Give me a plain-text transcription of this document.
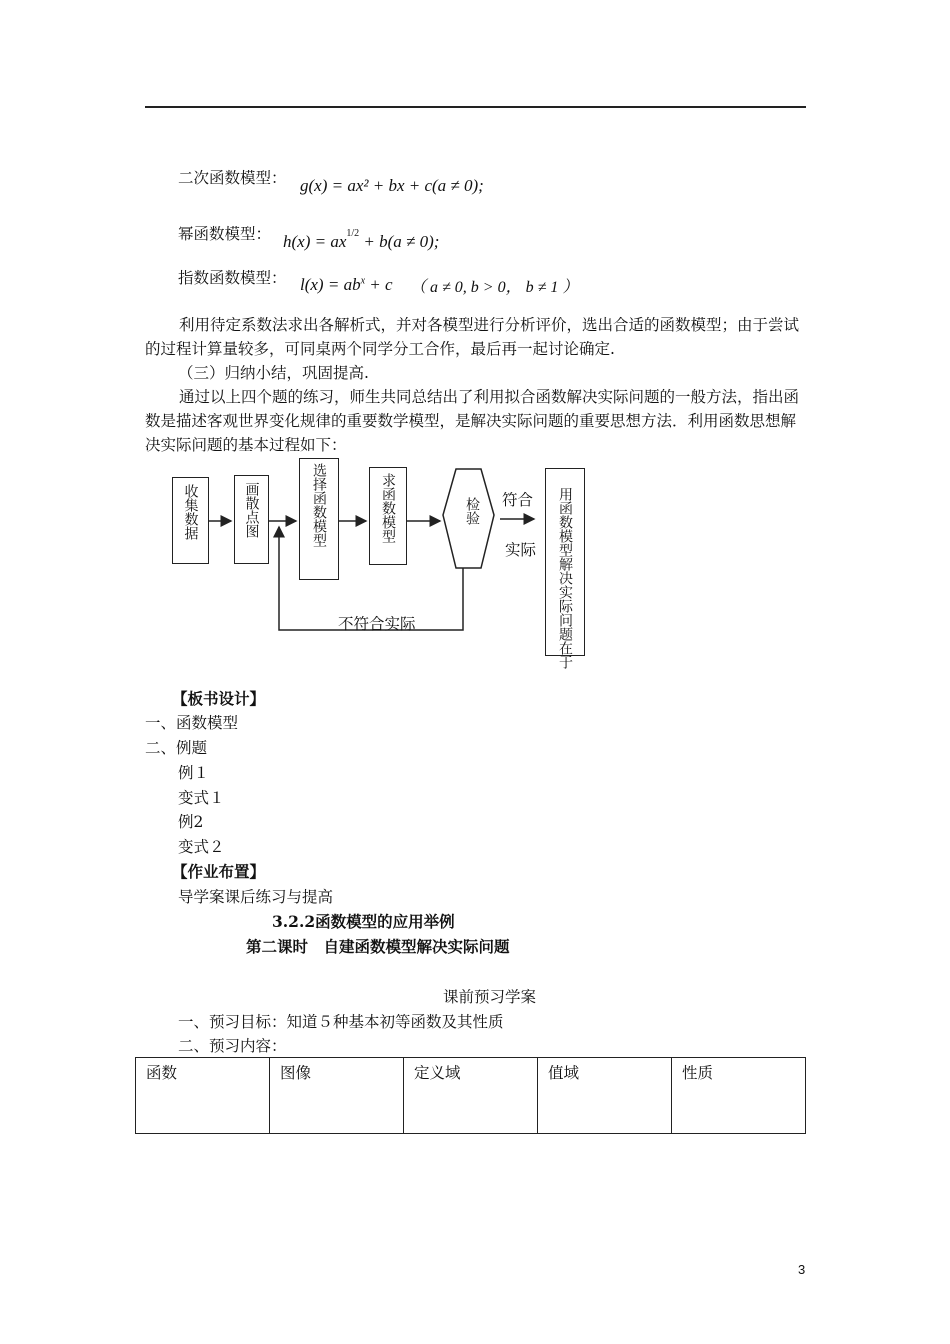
二次函数模型： g(x) = ax² + bx + c(a ≠ 0);
幂函数模型： $h(x) = ax^{1/2} + b(a \ne 0)$;
指数函数模型： $l(x) = ab^x + c$ （ a ≠ 0, b > 0， b ≠ 1 ）
利用待定系数法求出各解析式，并对各模型进行分析评价，选出合适的函数模型；由于尝试的过程计算量较多，可同桌两个同学分工合作，最后再一起讨论确定.
（三）归纳小结，巩固提高.
通过以上四个题的练习，师生共同总结出了利用拟合函数解决实际问题的一般方法，指出函数是描述客观世界变化规律的重要数学模型，是解决实际问题的重要思想方法．利用函数思想解决实际问题的基本过程如下：
收集数据	画散点图	选择函数模型	求函数模型	检验 符合
实际 用函数模型解决实际问题在于
不符合实际
【板书设计】
一、函数模型
二、例题
例１
变式１
例2
变式２
【作业布置】
导学案课后练习与提高
3.2.2函数模型的应用举例
第二课时　自建函数模型解决实际问题
课前预习学案
一、预习目标：知道５种基本初等函数及其性质
二、预习内容：
函数	图像	定义域	值域	性质
3
